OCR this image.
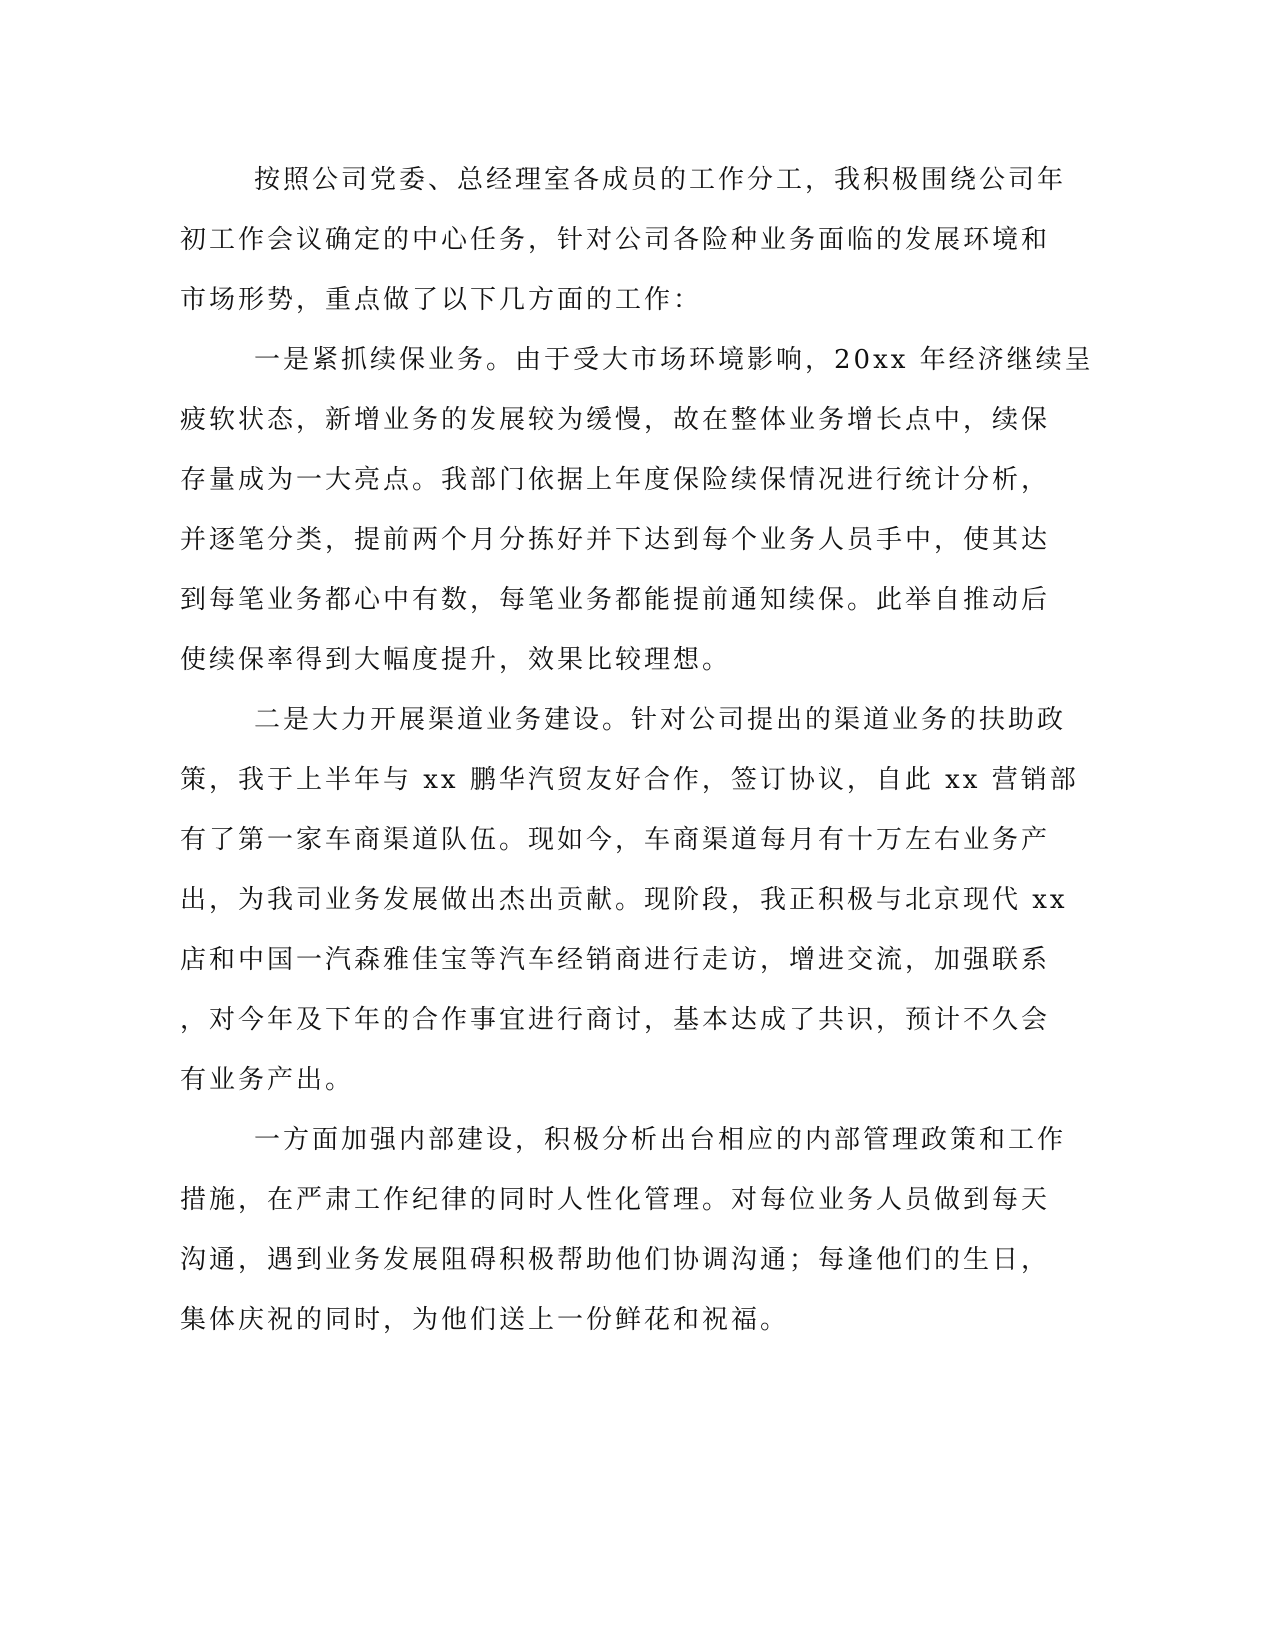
按照公司党委、总经理室各成员的工作分工，我积极围绕公司年
初工作会议确定的中心任务，针对公司各险种业务面临的发展环境和
市场形势，重点做了以下几方面的工作：
一是紧抓续保业务。由于受大市场环境影响，20xx 年经济继续呈
疲软状态，新增业务的发展较为缓慢，故在整体业务增长点中，续保
存量成为一大亮点。我部门依据上年度保险续保情况进行统计分析，
并逐笔分类，提前两个月分拣好并下达到每个业务人员手中，使其达
到每笔业务都心中有数，每笔业务都能提前通知续保。此举自推动后
使续保率得到大幅度提升，效果比较理想。
二是大力开展渠道业务建设。针对公司提出的渠道业务的扶助政
策，我于上半年与 xx 鹏华汽贸友好合作，签订协议，自此 xx 营销部
有了第一家车商渠道队伍。现如今，车商渠道每月有十万左右业务产
出，为我司业务发展做出杰出贡献。现阶段，我正积极与北京现代 xx
店和中国一汽森雅佳宝等汽车经销商进行走访，增进交流，加强联系
，对今年及下年的合作事宜进行商讨，基本达成了共识，预计不久会
有业务产出。
一方面加强内部建设，积极分析出台相应的内部管理政策和工作
措施，在严肃工作纪律的同时人性化管理。对每位业务人员做到每天
沟通，遇到业务发展阻碍积极帮助他们协调沟通；每逢他们的生日，
集体庆祝的同时，为他们送上一份鲜花和祝福。
